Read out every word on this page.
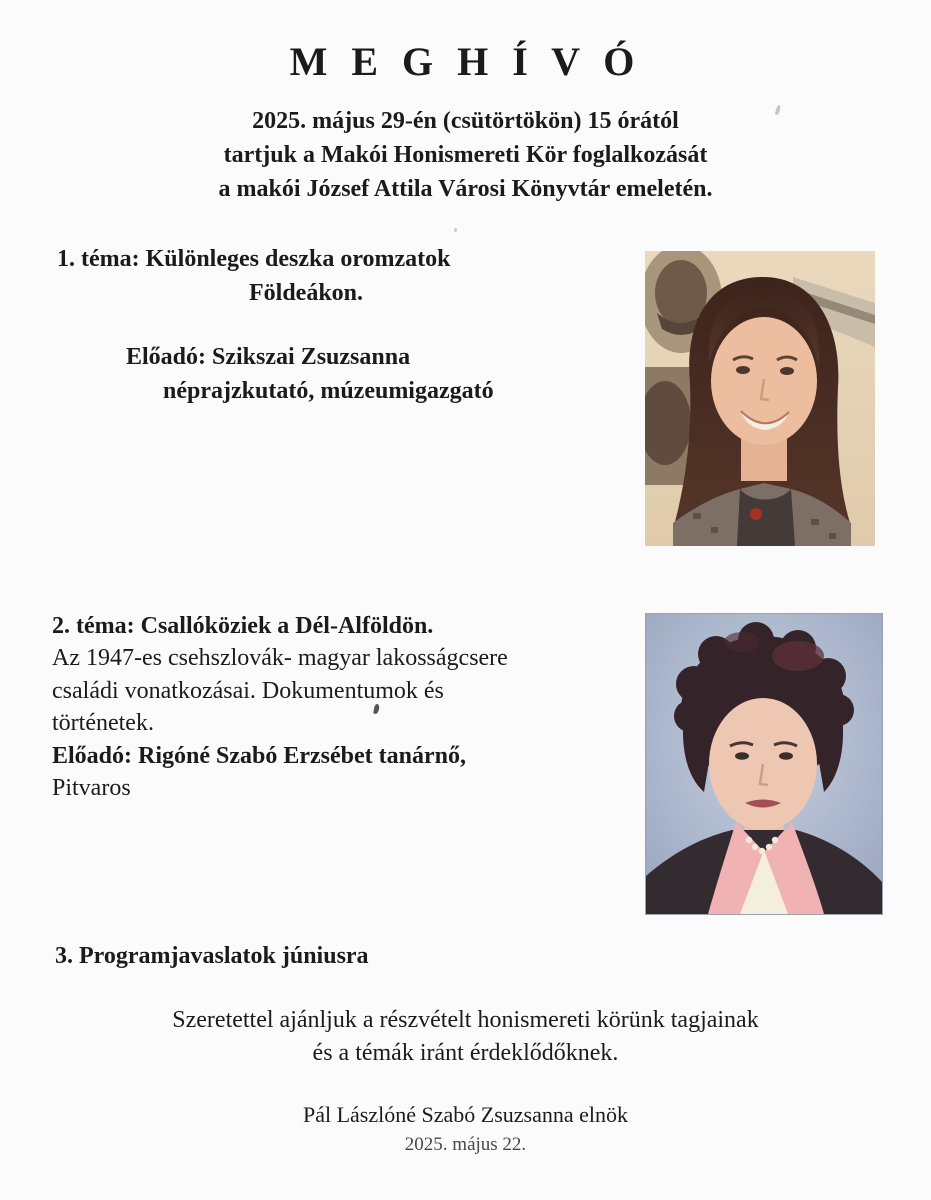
M E G H Í V Ó
2025. május 29-én (csütörtökön) 15 órától
tartjuk a Makói Honismereti Kör foglalkozását
a makói József Attila Városi Könyvtár emeletén.
1. téma: Különleges deszka oromzatok
Földeákon.
Előadó: Szikszai Zsuzsanna
néprajzkutató, múzeumigazgató
2. téma: Csallóköziek a Dél-Alföldön.
Az 1947-es csehszlovák- magyar lakosságcsere
családi vonatkozásai. Dokumentumok és
történetek.
Előadó: Rigóné Szabó Erzsébet tanárnő,
Pitvaros
3. Programjavaslatok júniusra
Szeretettel ajánljuk a részvételt honismereti körünk tagjainak
és a témák iránt érdeklődőknek.
Pál Lászlóné Szabó Zsuzsanna elnök
2025. május 22.
